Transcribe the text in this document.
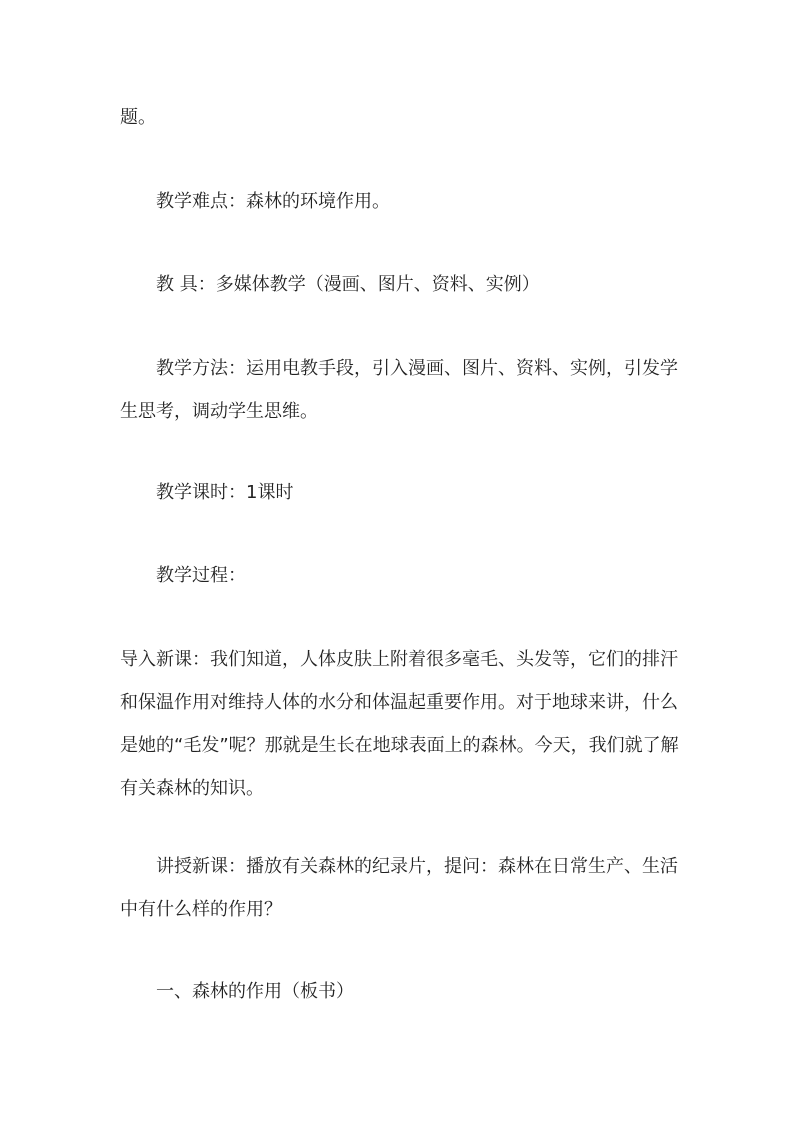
题。

教学难点：森林的环境作用。

教 具：多媒体教学（漫画、图片、资料、实例）

教学方法：运用电教手段，引入漫画、图片、资料、实例，引发学生思考，调动学生思维。

教学课时：1课时

教学过程：

导入新课：我们知道，人体皮肤上附着很多毫毛、头发等，它们的排汗和保温作用对维持人体的水分和体温起重要作用。对于地球来讲，什么是她的“毛发”呢？那就是生长在地球表面上的森林。今天，我们就了解有关森林的知识。

讲授新课：播放有关森林的纪录片，提问：森林在日常生产、生活中有什么样的作用？

一、森林的作用（板书）
